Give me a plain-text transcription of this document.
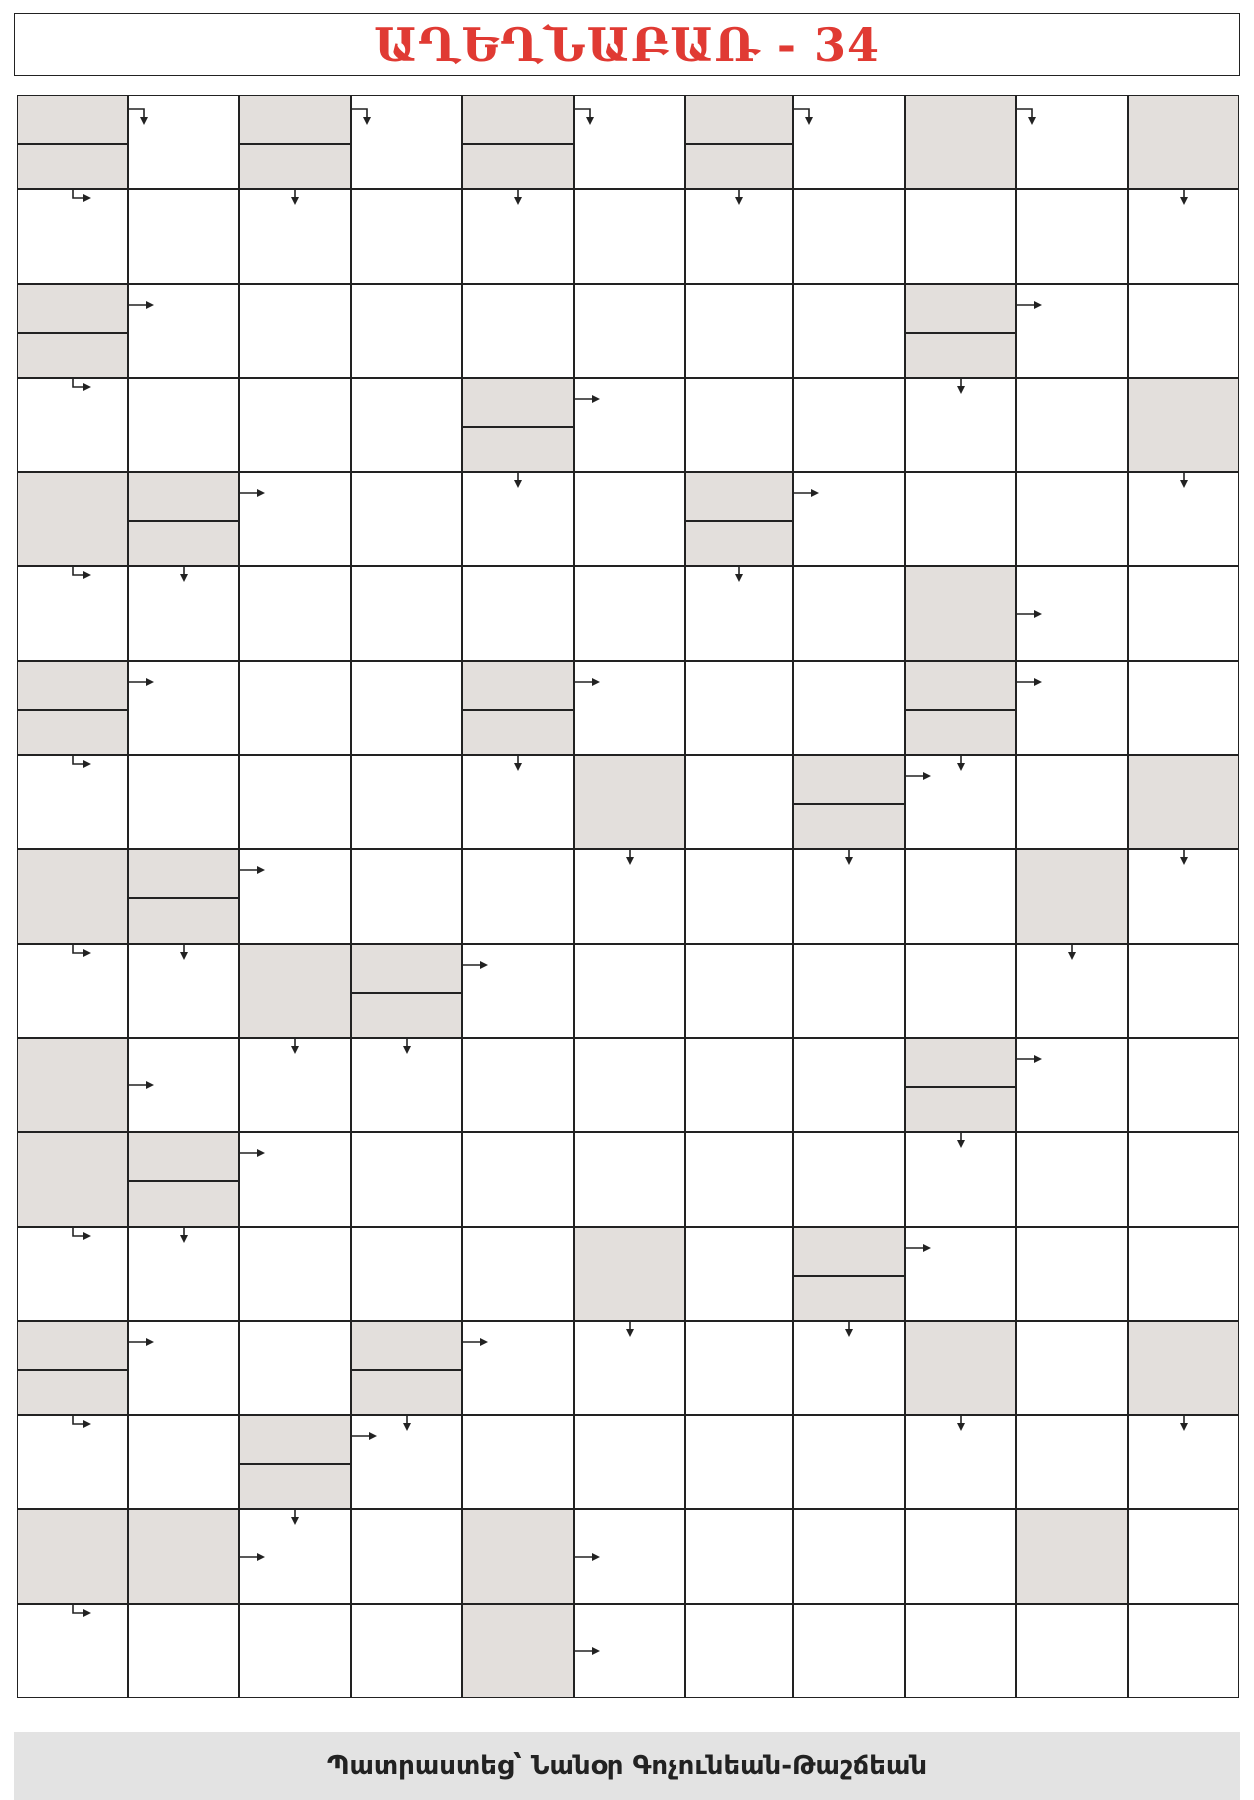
ԱՂԵՂՆԱԲԱՌ - 34
Պատրաստեց՝ Նանօր Գոչունեան-Թաշճեան
